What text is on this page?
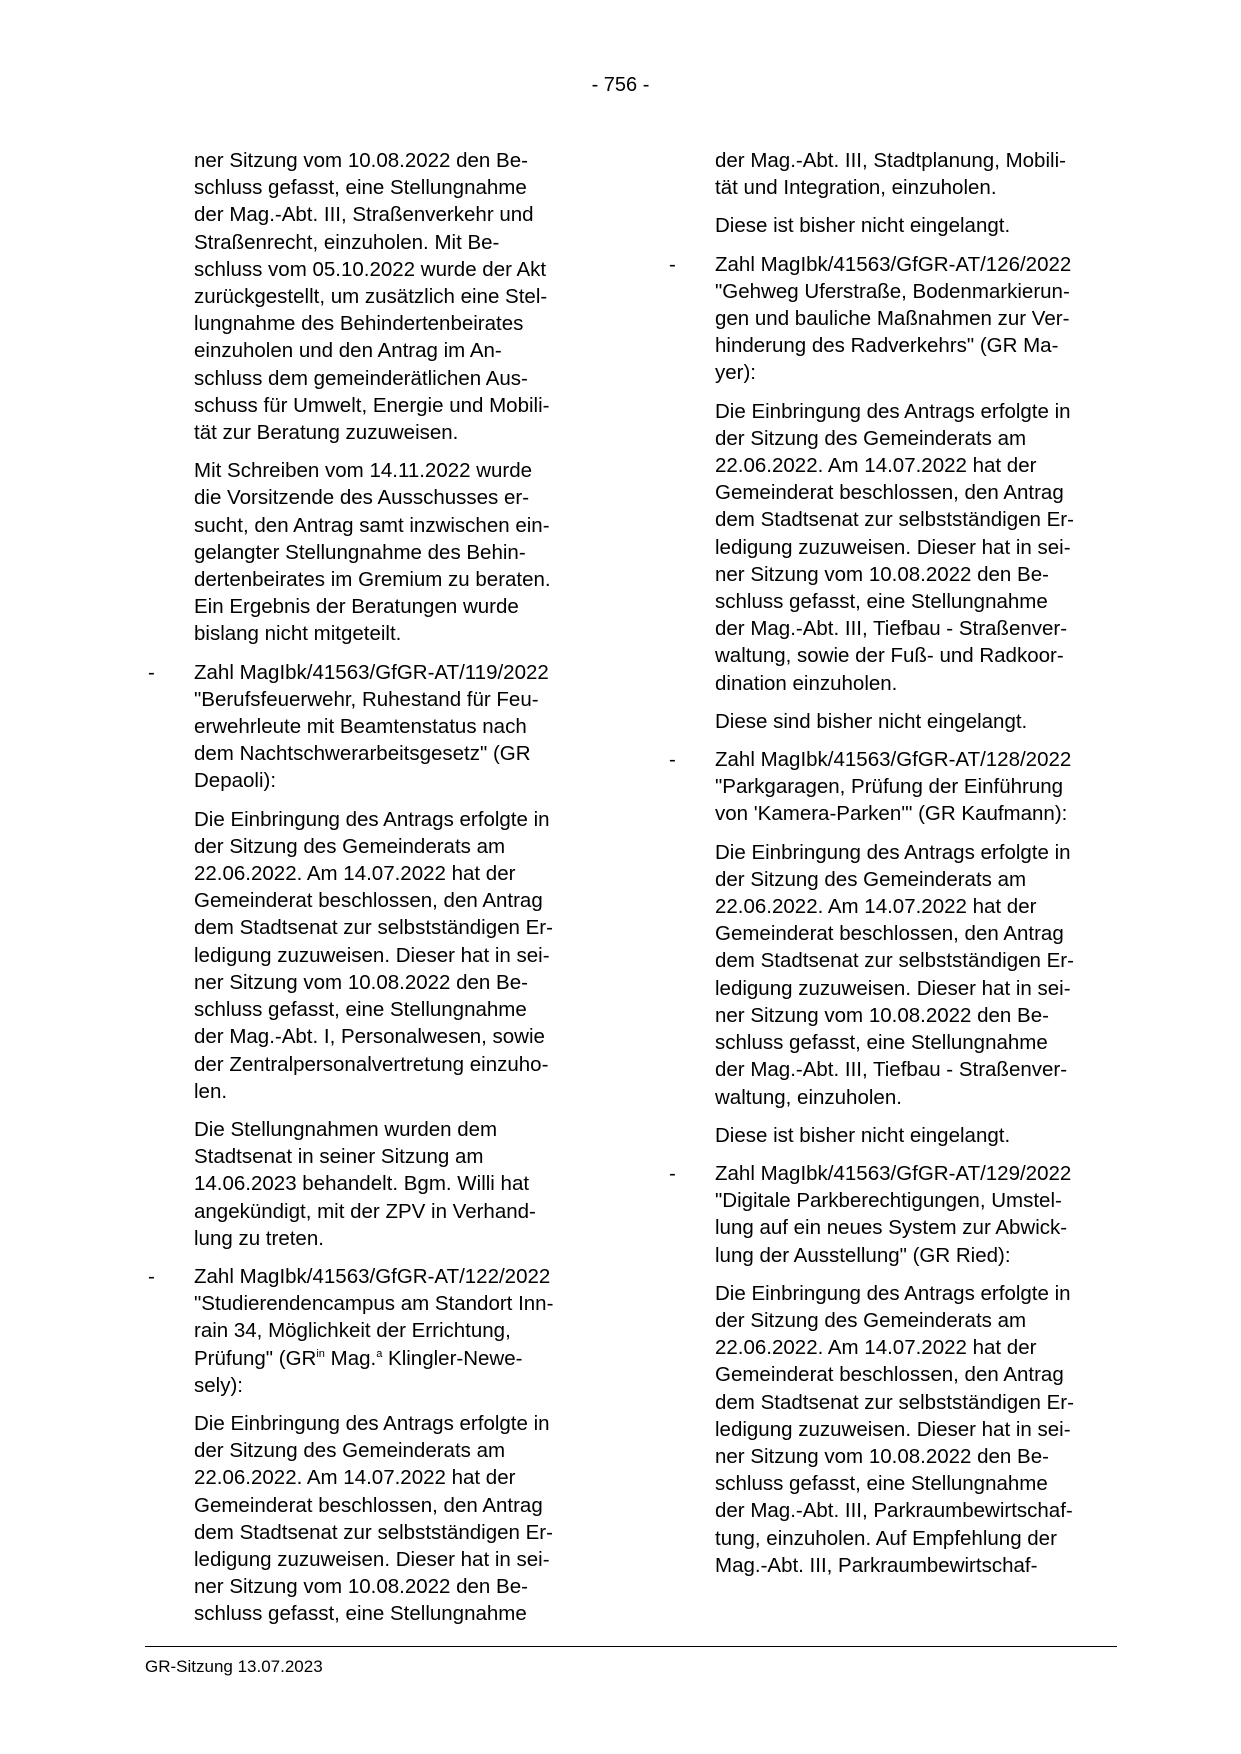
- 756 -

ner Sitzung vom 10.08.2022 den Be-
schluss gefasst, eine Stellungnahme
der Mag.-Abt. III, Straßenverkehr und
Straßenrecht, einzuholen. Mit Be-
schluss vom 05.10.2022 wurde der Akt
zurückgestellt, um zusätzlich eine Stel-
lungnahme des Behindertenbeirates
einzuholen und den Antrag im An-
schluss dem gemeinderätlichen Aus-
schuss für Umwelt, Energie und Mobili-
tät zur Beratung zuzuweisen.

Mit Schreiben vom 14.11.2022 wurde
die Vorsitzende des Ausschusses er-
sucht, den Antrag samt inzwischen ein-
gelangter Stellungnahme des Behin-
dertenbeirates im Gremium zu beraten.
Ein Ergebnis der Beratungen wurde
bislang nicht mitgeteilt.

- Zahl MagIbk/41563/GfGR-AT/119/2022
"Berufsfeuerwehr, Ruhestand für Feu-
erwehrleute mit Beamtenstatus nach
dem Nachtschwerarbeitsgesetz" (GR
Depaoli):

Die Einbringung des Antrags erfolgte in
der Sitzung des Gemeinderats am
22.06.2022. Am 14.07.2022 hat der
Gemeinderat beschlossen, den Antrag
dem Stadtsenat zur selbstständigen Er-
ledigung zuzuweisen. Dieser hat in sei-
ner Sitzung vom 10.08.2022 den Be-
schluss gefasst, eine Stellungnahme
der Mag.-Abt. I, Personalwesen, sowie
der Zentralpersonalvertretung einzuho-
len.

Die Stellungnahmen wurden dem
Stadtsenat in seiner Sitzung am
14.06.2023 behandelt. Bgm. Willi hat
angekündigt, mit der ZPV in Verhand-
lung zu treten.

- Zahl MagIbk/41563/GfGR-AT/122/2022
"Studierendencampus am Standort Inn-
rain 34, Möglichkeit der Errichtung,
Prüfung" ($GR^{in}$ Mag.$^a$ Klingler-Newe-
sely):

Die Einbringung des Antrags erfolgte in
der Sitzung des Gemeinderats am
22.06.2022. Am 14.07.2022 hat der
Gemeinderat beschlossen, den Antrag
dem Stadtsenat zur selbstständigen Er-
ledigung zuzuweisen. Dieser hat in sei-
ner Sitzung vom 10.08.2022 den Be-
schluss gefasst, eine Stellungnahme

der Mag.-Abt. III, Stadtplanung, Mobili-
tät und Integration, einzuholen.

Diese ist bisher nicht eingelangt.

- Zahl MagIbk/41563/GfGR-AT/126/2022
"Gehweg Uferstraße, Bodenmarkierun-
gen und bauliche Maßnahmen zur Ver-
hinderung des Radverkehrs" (GR Ma-
yer):

Die Einbringung des Antrags erfolgte in
der Sitzung des Gemeinderats am
22.06.2022. Am 14.07.2022 hat der
Gemeinderat beschlossen, den Antrag
dem Stadtsenat zur selbstständigen Er-
ledigung zuzuweisen. Dieser hat in sei-
ner Sitzung vom 10.08.2022 den Be-
schluss gefasst, eine Stellungnahme
der Mag.-Abt. III, Tiefbau - Straßenver-
waltung, sowie der Fuß- und Radkoor-
dination einzuholen.

Diese sind bisher nicht eingelangt.

- Zahl MagIbk/41563/GfGR-AT/128/2022
"Parkgaragen, Prüfung der Einführung
von 'Kamera-Parken'" (GR Kaufmann):

Die Einbringung des Antrags erfolgte in
der Sitzung des Gemeinderats am
22.06.2022. Am 14.07.2022 hat der
Gemeinderat beschlossen, den Antrag
dem Stadtsenat zur selbstständigen Er-
ledigung zuzuweisen. Dieser hat in sei-
ner Sitzung vom 10.08.2022 den Be-
schluss gefasst, eine Stellungnahme
der Mag.-Abt. III, Tiefbau - Straßenver-
waltung, einzuholen.

Diese ist bisher nicht eingelangt.

- Zahl MagIbk/41563/GfGR-AT/129/2022
"Digitale Parkberechtigungen, Umstel-
lung auf ein neues System zur Abwick-
lung der Ausstellung" (GR Ried):

Die Einbringung des Antrags erfolgte in
der Sitzung des Gemeinderats am
22.06.2022. Am 14.07.2022 hat der
Gemeinderat beschlossen, den Antrag
dem Stadtsenat zur selbstständigen Er-
ledigung zuzuweisen. Dieser hat in sei-
ner Sitzung vom 10.08.2022 den Be-
schluss gefasst, eine Stellungnahme
der Mag.-Abt. III, Parkraumbewirtschaf-
tung, einzuholen. Auf Empfehlung der
Mag.-Abt. III, Parkraumbewirtschaf-

GR-Sitzung 13.07.2023
